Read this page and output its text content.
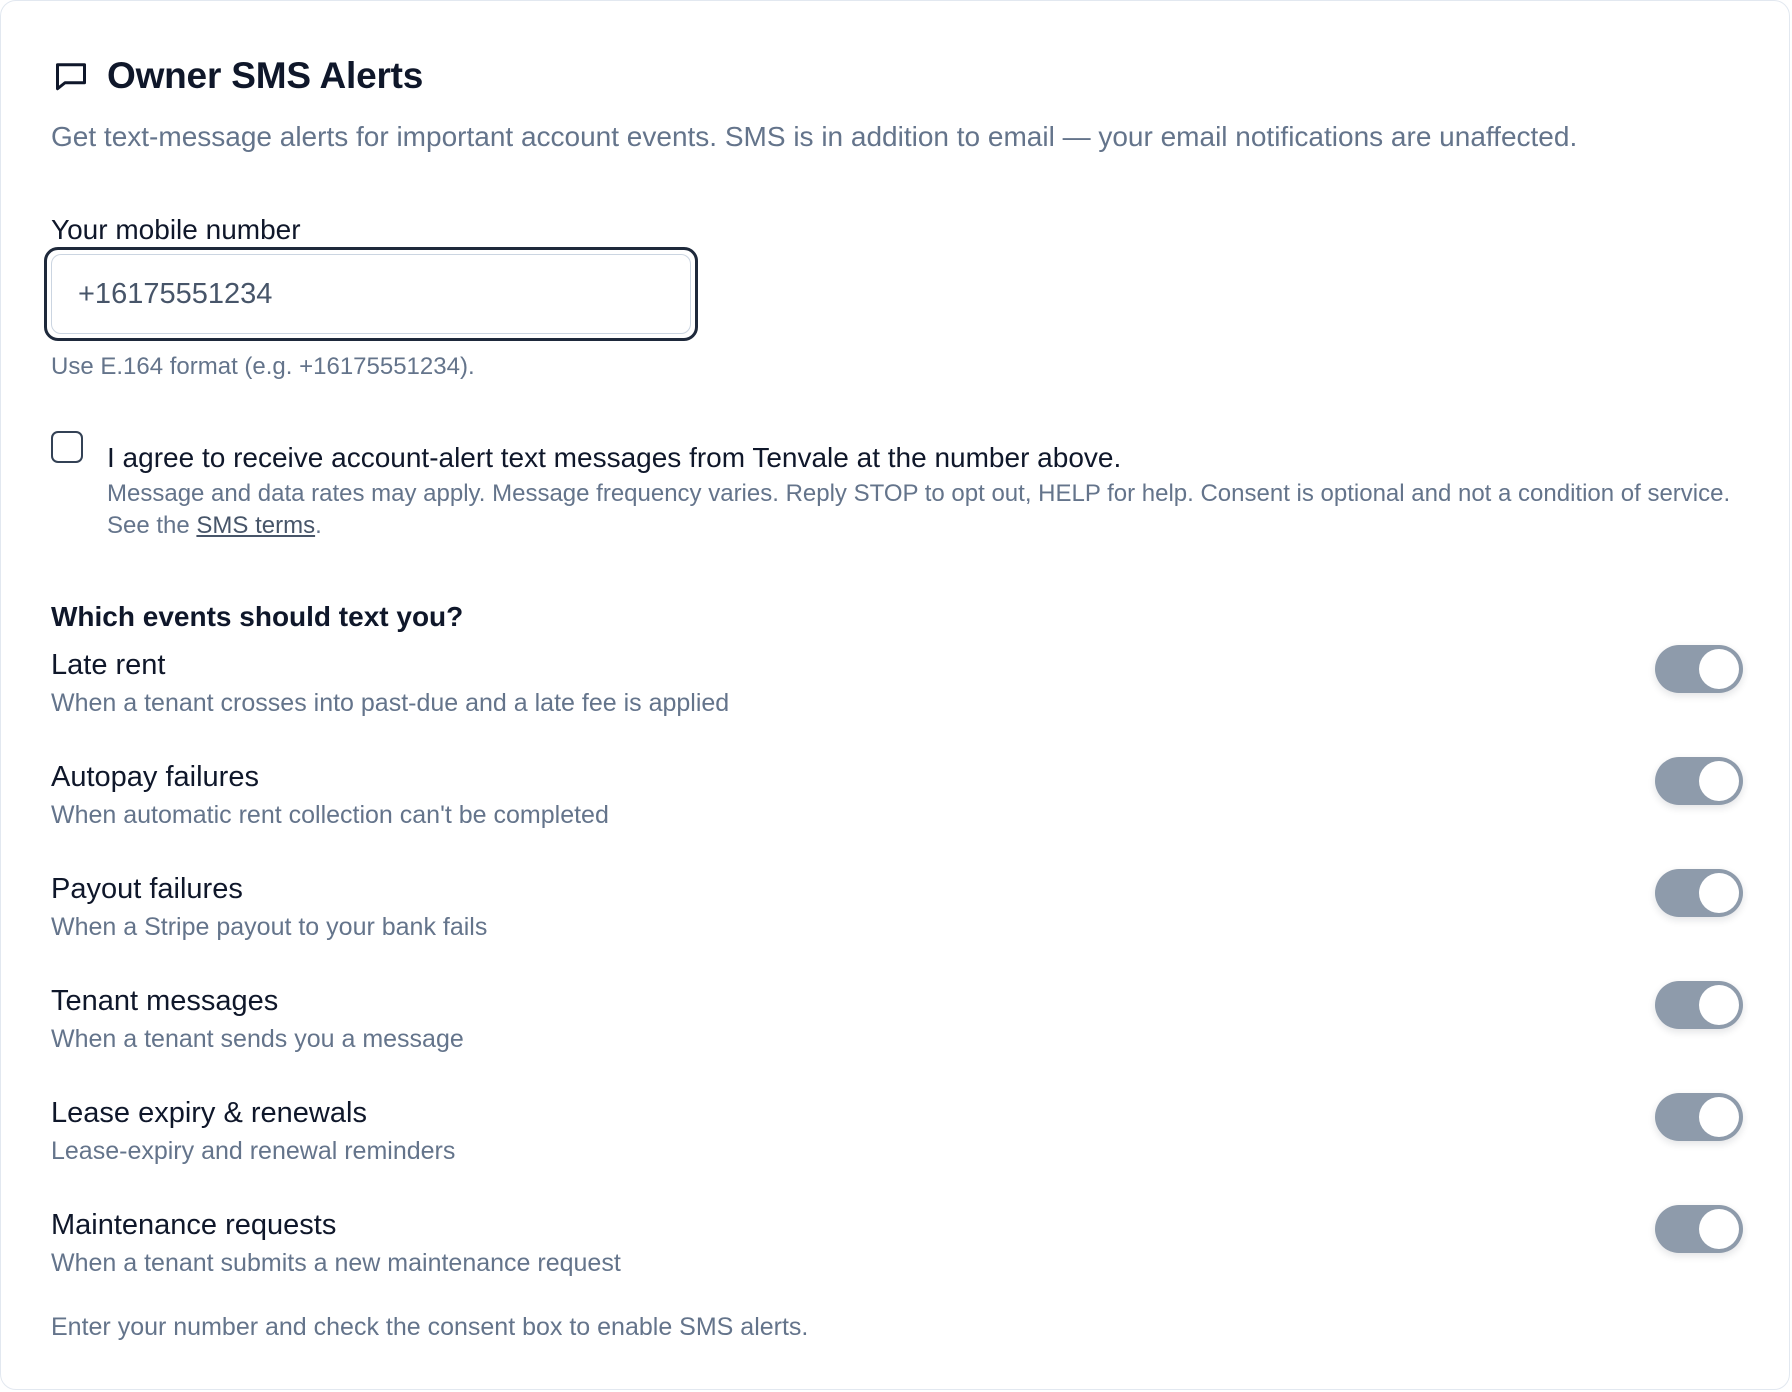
Owner SMS Alerts
Get text-message alerts for important account events. SMS is in addition to email — your email notifications are unaffected.
Your mobile number
+16175551234
Use E.164 format (e.g. +16175551234).
I agree to receive account-alert text messages from Tenvale at the number above.
Message and data rates may apply. Message frequency varies. Reply STOP to opt out, HELP for help. Consent is optional and not a condition of service. See the SMS terms.
Which events should text you?
Late rent
When a tenant crosses into past-due and a late fee is applied
Autopay failures
When automatic rent collection can't be completed
Payout failures
When a Stripe payout to your bank fails
Tenant messages
When a tenant sends you a message
Lease expiry & renewals
Lease-expiry and renewal reminders
Maintenance requests
When a tenant submits a new maintenance request
Enter your number and check the consent box to enable SMS alerts.
